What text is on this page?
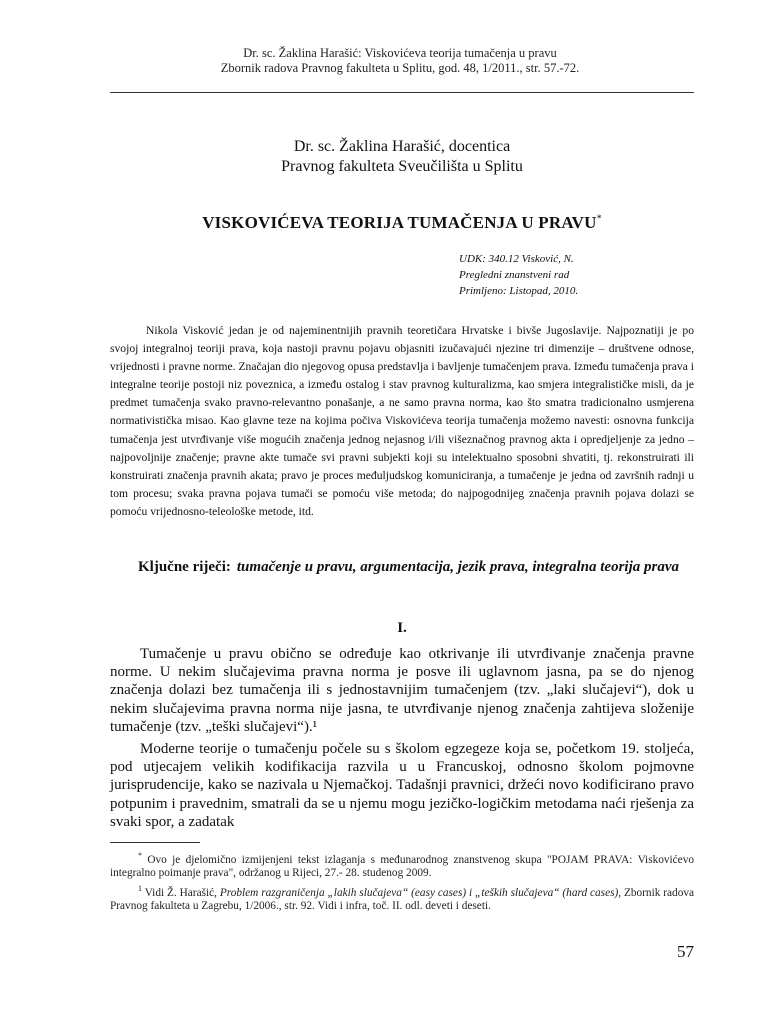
Dr. sc. Žaklina Harašić: Viskovićeva teorija tumačenja u pravu
Zbornik radova Pravnog fakulteta u Splitu, god. 48, 1/2011., str. 57.-72.
Dr. sc. Žaklina Harašić, docentica
Pravnog fakulteta Sveučilišta u Splitu
VISKOVIĆEVA TEORIJA TUMAČENJA U PRAVU*
UDK: 340.12 Visković, N.
Pregledni znanstveni rad
Primljeno: Listopad, 2010.

Nikola Visković jedan je od najeminentnijih pravnih teoretičara Hrvatske i bivše Jugoslavije. Najpoznatiji je po svojoj integralnoj teoriji prava, koja nastoji pravnu pojavu objasniti izučavajući njezine tri dimenzije – društvene odnose, vrijednosti i pravne norme. Značajan dio njegovog opusa predstavlja i bavljenje tumačenjem prava. Između tumačenja prava i integralne teorije postoji niz poveznica, a između ostalog i stav pravnog kulturalizma, kao smjera integralističke misli, da je predmet tumačenja svako pravno-relevantno ponašanje, a ne samo pravna norma, kao što smatra tradicionalno usmjerena normativistička misao. Kao glavne teze na kojima počiva Viskovićeva teorija tumačenja možemo navesti: osnovna funkcija tumačenja jest utvrđivanje više mogućih značenja jednog nejasnog i/ili višeznačnog pravnog akta i opredjeljenje za jedno – najpovoljnije značenje; pravne akte tumače svi pravni subjekti koji su intelektualno sposobni shvatiti, tj. rekonstruirati ili konstruirati značenja pravnih akata; pravo je proces međuljudskog komuniciranja, a tumačenje je jedna od završnih radnji u tom procesu; svaka pravna pojava tumači se pomoću više metoda; do najpogodnijeg značenja pravnih pojava dolazi se pomoću vrijednosno-teleološke metode, itd.

Ključne riječi: tumačenje u pravu, argumentacija, jezik prava, integralna teorija prava
I.

Tumačenje u pravu obično se određuje kao otkrivanje ili utvrđivanje značenja pravne norme. U nekim slučajevima pravna norma je posve ili uglavnom jasna, pa se do njenog značenja dolazi bez tumačenja ili s jednostavnijim tumačenjem (tzv. „laki slučajevi“), dok u nekim slučajevima pravna norma nije jasna, te utvrđivanje njenog značenja zahtijeva složenije tumačenje (tzv. „teški slučajevi“).¹

Moderne teorije o tumačenju počele su s školom egzegeze koja se, početkom 19. stoljeća, pod utjecajem velikih kodifikacija razvila u u Francuskoj, odnosno školom pojmovne jurisprudencije, kako se nazivala u Njemačkoj. Tadašnji pravnici, držeći novo kodificirano pravo potpunim i pravednim, smatrali da se u njemu mogu jezičko-logičkim metodama naći rješenja za svaki spor, a zadatak

* Ovo je djelomično izmijenjeni tekst izlaganja s međunarodnog znanstvenog skupa "POJAM PRAVA: Viskovićevo integralno poimanje prava", održanog u Rijeci, 27.- 28. studenog 2009.

$^1$ Vidi Ž. Harašić, Problem razgraničenja „lakih slučajeva“ (easy cases) i „teških slučajeva“ (hard cases), Zbornik radova Pravnog fakulteta u Zagrebu, 1/2006., str. 92. Vidi i infra, toč. II. odl. deveti i deseti.

57
